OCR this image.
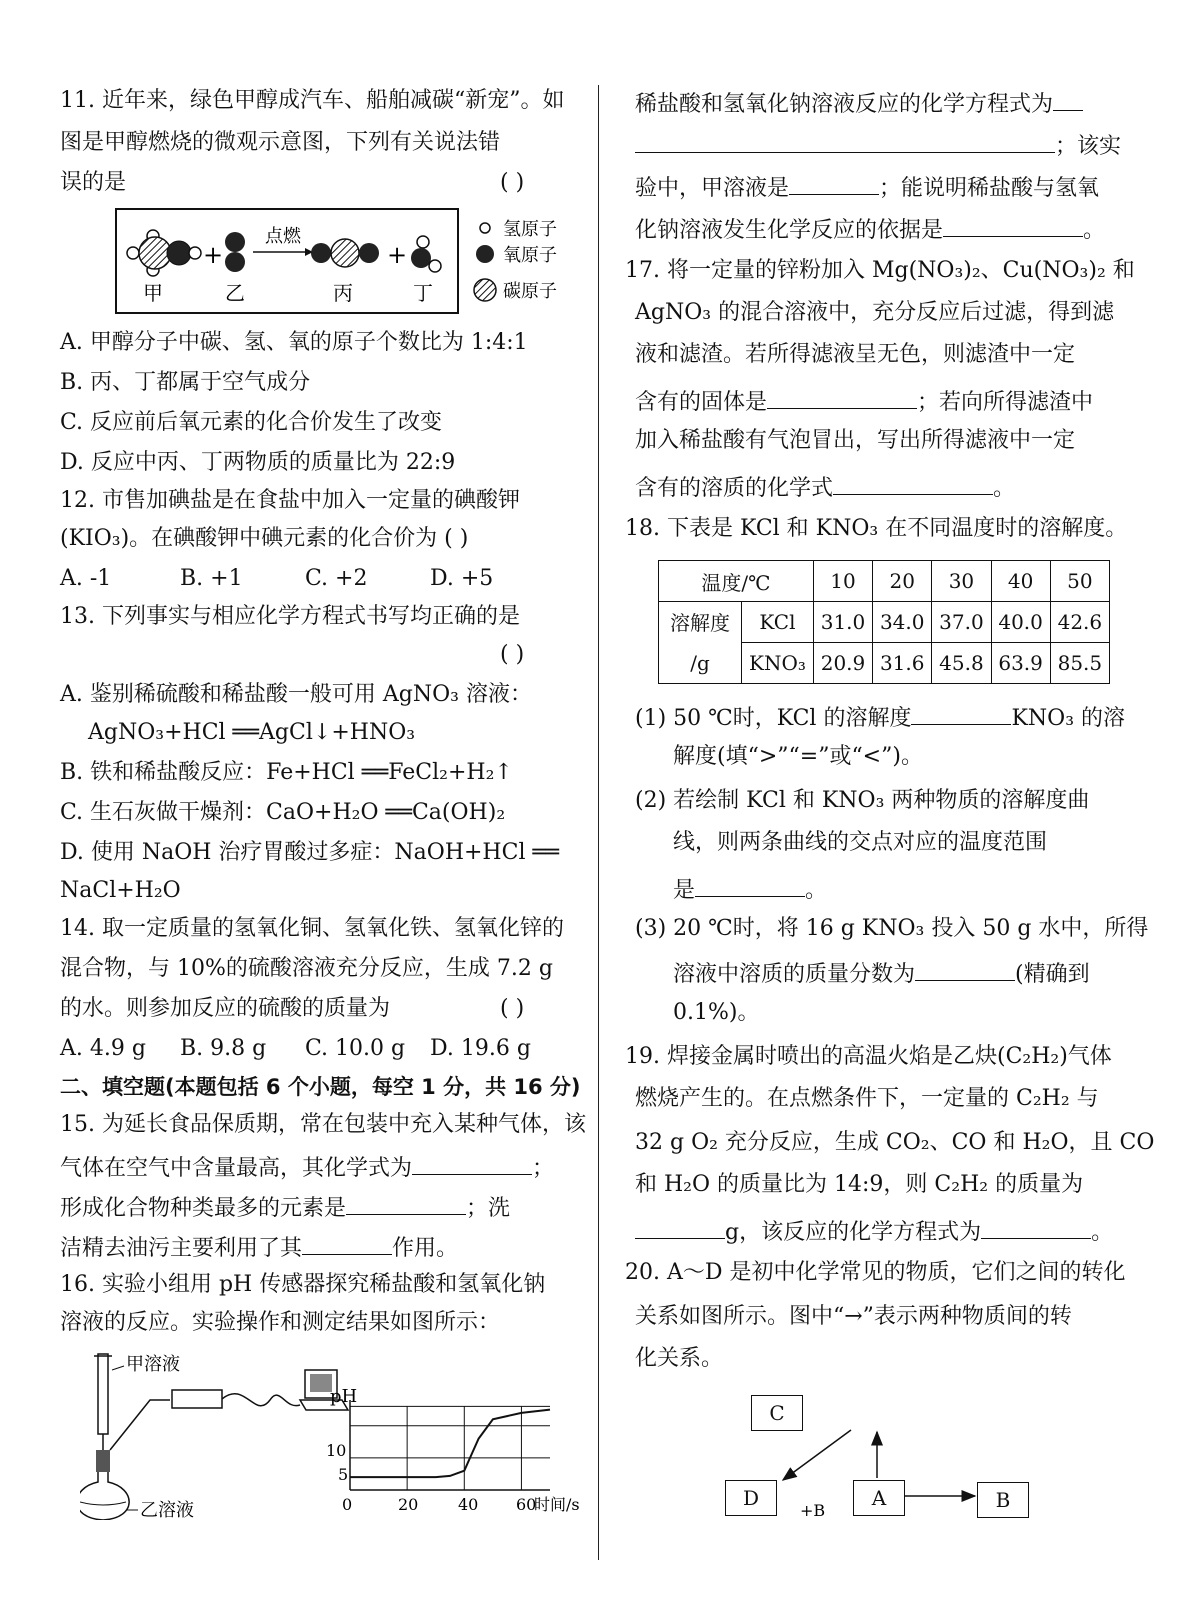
11. 近年来，绿色甲醇成汽车、船舶减碳“新宠”。如
图是甲醇燃烧的微观示意图，下列有关说法错
误的是	( )
+
点燃
+
甲	乙	丙	丁
氢原子
氧原子
碳原子
A. 甲醇分子中碳、氢、氧的原子个数比为 1:4:1
B. 丙、丁都属于空气成分
C. 反应前后氧元素的化合价发生了改变
D. 反应中丙、丁两物质的质量比为 22:9
12. 市售加碘盐是在食盐中加入一定量的碘酸钾
(KIO₃)。在碘酸钾中碘元素的化合价为 ( )
A. -1	B. +1	C. +2	D. +5
13. 下列事实与相应化学方程式书写均正确的是
( )
A. 鉴别稀硫酸和稀盐酸一般可用 AgNO₃ 溶液：
AgNO₃+HCl ══AgCl↓+HNO₃
B. 铁和稀盐酸反应：Fe+HCl ══FeCl₂+H₂↑
C. 生石灰做干燥剂：CaO+H₂O ══Ca(OH)₂
D. 使用 NaOH 治疗胃酸过多症：NaOH+HCl ══
NaCl+H₂O
14. 取一定质量的氢氧化铜、氢氧化铁、氢氧化锌的
混合物，与 10%的硫酸溶液充分反应，生成 7.2 g
的水。则参加反应的硫酸的质量为	( )
A. 4.9 g B. 9.8 g C. 10.0 g D. 19.6 g
二、填空题(本题包括 6 个小题，每空 1 分，共 16 分)
15. 为延长食品保质期，常在包装中充入某种气体，该
气体在空气中含量最高，其化学式为	；
形成化合物种类最多的元素是	；洗
洁精去油污主要利用了其	作用。
16. 实验小组用 pH 传感器探究稀盐酸和氢氧化钠
溶液的反应。实验操作和测定结果如图所示：
甲溶液
乙溶液
pH
10
5
0	20 40 60
时间/s
稀盐酸和氢氧化钠溶液反应的化学方程式为
；该实
验中，甲溶液是	；能说明稀盐酸与氢氧
化钠溶液发生化学反应的依据是	。
17. 将一定量的锌粉加入 Mg(NO₃)₂、Cu(NO₃)₂ 和
AgNO₃ 的混合溶液中，充分反应后过滤，得到滤
液和滤渣。若所得滤液呈无色，则滤渣中一定
含有的固体是	；若向所得滤渣中
加入稀盐酸有气泡冒出，写出所得滤液中一定
含有的溶质的化学式	。
18. 下表是 KCl 和 KNO₃ 在不同温度时的溶解度。
温度/℃		10	20	30	40	50

溶解度
/g	KCl	31.0	34.0	37.0	40.0	42.6
	KNO₃	20.9	31.6	45.8	63.9	85.5
(1) 50 ℃时，KCl 的溶解度	KNO₃ 的溶
解度(填“>”“=”或“<”)。
(2) 若绘制 KCl 和 KNO₃ 两种物质的溶解度曲
线，则两条曲线的交点对应的温度范围
是	。
(3) 20 ℃时，将 16 g KNO₃ 投入 50 g 水中，所得
溶液中溶质的质量分数为	(精确到
0.1%)。
19. 焊接金属时喷出的高温火焰是乙炔(C₂H₂)气体
燃烧产生的。在点燃条件下，一定量的 C₂H₂ 与
32 g O₂ 充分反应，生成 CO₂、CO 和 H₂O，且 CO
和 H₂O 的质量比为 14:9，则 C₂H₂ 的质量为
g，该反应的化学方程式为	。
20. A～D 是初中化学常见的物质，它们之间的转化
关系如图所示。图中“→”表示两种物质间的转
化关系。
+B
C
D	A	B
